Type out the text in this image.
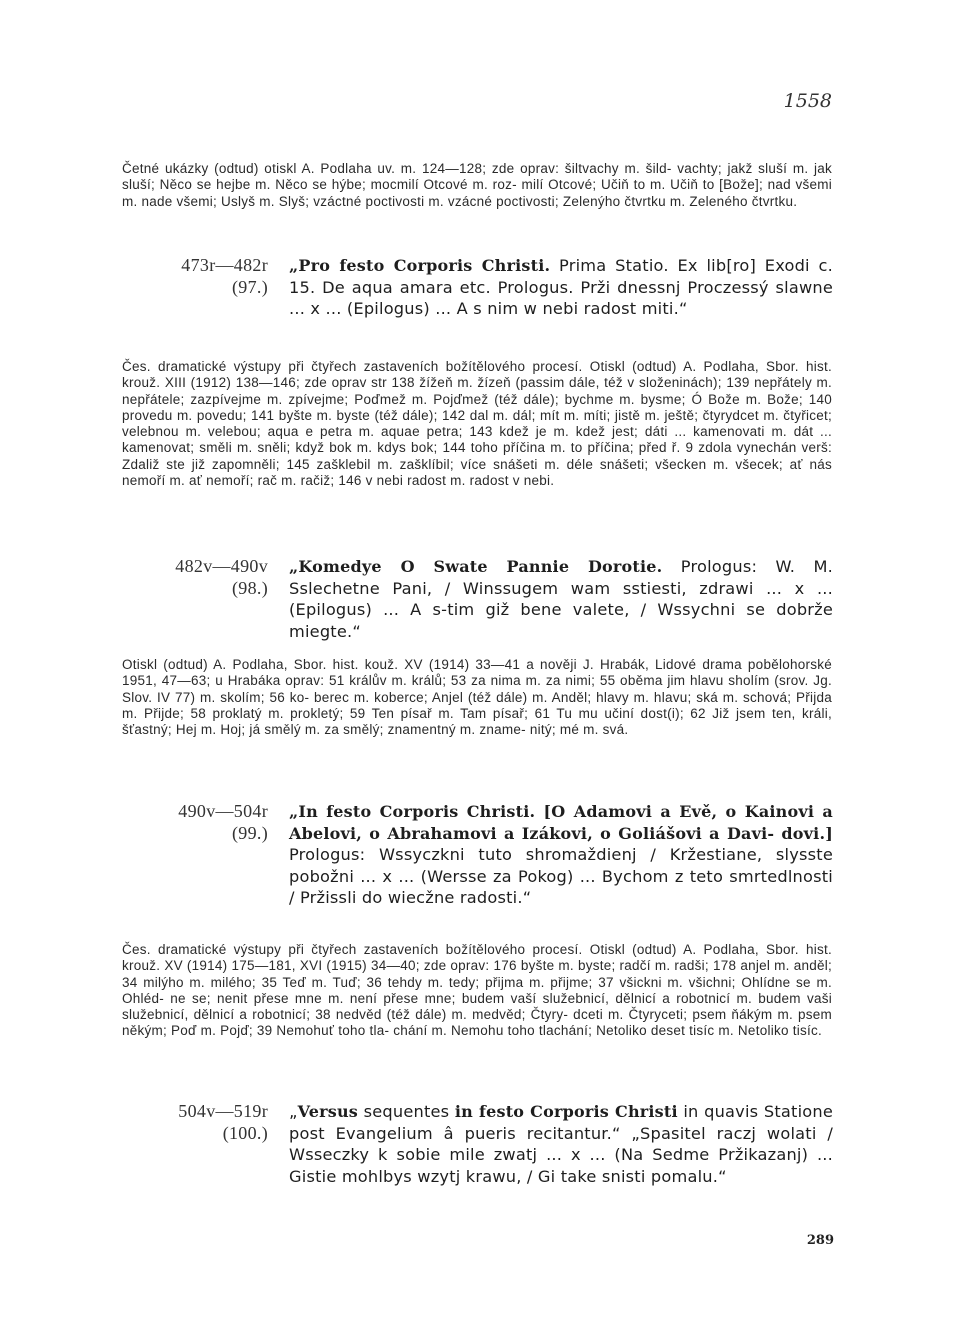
1558
Četné ukázky (odtud) otiskl A. Podlaha uv. m. 124—128; zde oprav: šiltvachy m. šild- vachty; jakž sluší m. jak sluší; Něco se hejbe m. Něco se hýbe; mocmilí Otcové m. roz- milí Otcové; Učiň to m. Učiň to [Bože]; nad všemi m. nade všemi; Uslyš m. Slyš; vzáctné poctivosti m. vzácné poctivosti; Zelenýho čtvrtku m. Zeleného čtvrtku.
473r—482r
(97.)
„Pro festo Corporis Christi. Prima Statio. Ex lib[ro] Exodi c. 15. De aqua amara etc. Prologus. Prži dnessnj Proczessý slawne ... x ... (Epilogus) ... A s nim w nebi radost miti.“
Čes. dramatické výstupy při čtyřech zastaveních božítělového procesí. Otiskl (odtud) A. Podlaha, Sbor. hist. krouž. XIII (1912) 138—146; zde oprav str 138 žížeň m. žízeň (passim dále, též v složeninách); 139 nepřátely m. nepřátele; zazpívejme m. zpívejme; Poďmež m. Pojďmež (též dále); bychme m. bysme; Ó Bože m. Bože; 140 provedu m. povedu; 141 byšte m. byste (též dále); 142 dal m. dál; mít m. míti; jistě m. ještě; čtyrydcet m. čtyřicet; velebnou m. velebou; aqua e petra m. aquae petra; 143 kdež je m. kdež jest; dáti ... kamenovati m. dát ... kamenovat; směli m. sněli; když bok m. kdys bok; 144 toho příčina m. to příčina; před ř. 9 zdola vynechán verš: Zdaliž ste již zapomněli; 145 zašklebil m. zašklíbil; více snášeti m. déle snášeti; všecken m. všecek; ať nás nemoří m. ať nemoří; rač m. račiž; 146 v nebi radost m. radost v nebi.
482v—490v
(98.)
„Komedye O Swate Pannie Dorotie. Prologus: W. M. Sslechetne Pani, / Winssugem wam sstiesti, zdrawi ... x ... (Epilogus) ... A s-tim giž bene valete, / Wssychni se dobrže miegte.“
Otiskl (odtud) A. Podlaha, Sbor. hist. kouž. XV (1914) 33—41 a nověji J. Hrabák, Lidové drama pobělohorské 1951, 47—63; u Hrabáka oprav: 51 králův m. králů; 53 za nima m. za nimi; 55 oběma jim hlavu sholím (srov. Jg. Slov. IV 77) m. skolím; 56 ko- berec m. koberce; Anjel (též dále) m. Anděl; hlavy m. hlavu; ská m. schová; Přijda m. Přijde; 58 proklatý m. prokletý; 59 Ten písař m. Tam písař; 61 Tu mu učiní dost(i); 62 Již jsem ten, králi, šťastný; Hej m. Hoj; já smělý m. za smělý; znamentný m. zname- nitý; mé m. svá.
490v—504r
(99.)
„In festo Corporis Christi. [O Adamovi a Evě, o Kainovi a Abelovi, o Abrahamovi a Izákovi, o Goliášovi a Davi- dovi.] Prologus: Wssyczkni tuto shromaždienj / Kržestiane, slysste pobožni ... x ... (Wersse za Pokog) ... Bychom z teto smrtedlnosti / Pržissli do wiecžne radosti.“
Čes. dramatické výstupy při čtyřech zastaveních božítělového procesí. Otiskl (odtud) A. Podlaha, Sbor. hist. krouž. XV (1914) 175—181, XVI (1915) 34—40; zde oprav: 176 byšte m. byste; radčí m. radši; 178 anjel m. anděl; 34 milýho m. milého; 35 Teď m. Tuď; 36 tehdy m. tedy; přijma m. přijme; 37 všickni m. všichni; Ohlídne se m. Ohléd- ne se; nenit přese mne m. není přese mne; budem vaší služebnicí, dělnicí a robotnicí m. budem vaši služebnicí, dělnicí a robotnicí; 38 nedvěd (též dále) m. medvěd; Čtyry- dceti m. Čtyryceti; psem ňákým m. psem někým; Poď m. Pojď; 39 Nemohuť toho tla- chání m. Nemohu toho tlachání; Netoliko deset tisíc m. Netoliko tisíc.
504v—519r
(100.)
„Versus sequentes in festo Corporis Christi in quavis Statione post Evangelium â pueris recitantur.“ „Spasitel raczj wolati / Wsseczky k sobie mile zwatj ... x ... (Na Sedme Pržikazanj) ... Gistie mohlbys wzytj krawu, / Gi take snisti pomalu.“
289
